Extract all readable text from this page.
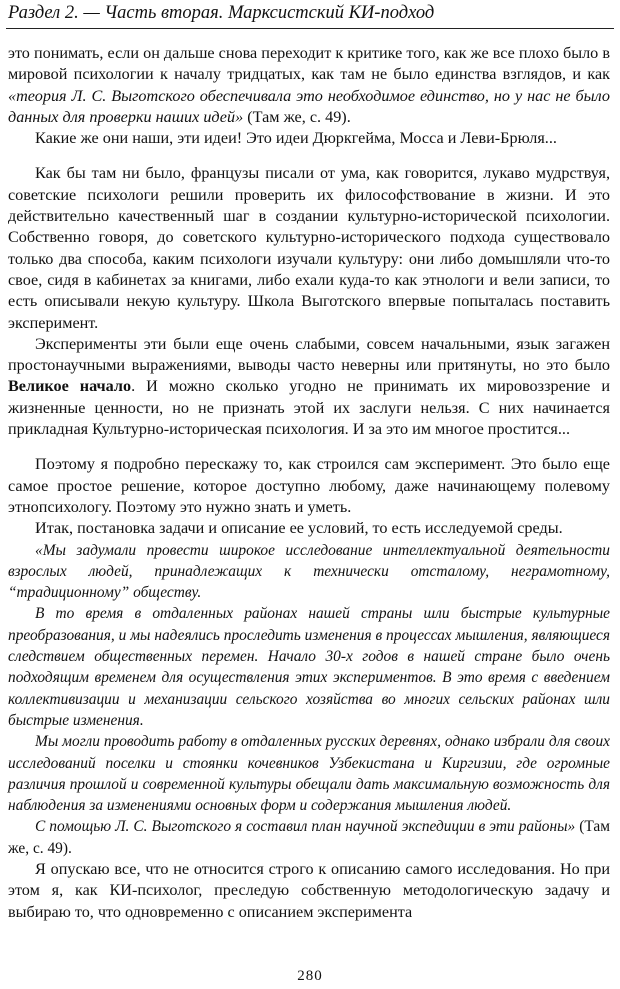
Раздел 2. — Часть вторая. Марксистский КИ-подход

это понимать, если он дальше снова переходит к критике того, как же все плохо было в мировой психологии к началу тридцатых, как там не было единства взглядов, и как «теория Л. С. Выготского обеспечивала это необходимое единство, но у нас не было данных для проверки наших идей» (Там же, с. 49).

Какие же они наши, эти идеи! Это идеи Дюркгейма, Мосса и Леви-Брюля...

Как бы там ни было, французы писали от ума, как говорится, лукаво мудрствуя, советские психологи решили проверить их философствование в жизни. И это действительно качественный шаг в создании культурно-исторической психологии. Собственно говоря, до советского культурно-исторического подхода существовало только два способа, каким психологи изучали культуру: они либо домышляли что-то свое, сидя в кабинетах за книгами, либо ехали куда-то как этнологи и вели записи, то есть описывали некую культуру. Школа Выготского впервые попыталась поставить эксперимент.

Эксперименты эти были еще очень слабыми, совсем начальными, язык загажен простонаучными выражениями, выводы часто неверны или притянуты, но это было Великое начало. И можно сколько угодно не принимать их мировоззрение и жизненные ценности, но не признать этой их заслуги нельзя. С них начинается прикладная Культурно-историческая психология. И за это им многое простится...

Поэтому я подробно перескажу то, как строился сам эксперимент. Это было еще самое простое решение, которое доступно любому, даже начинающему полевому этнопсихологу. Поэтому это нужно знать и уметь.

Итак, постановка задачи и описание ее условий, то есть исследуемой среды.

«Мы задумали провести широкое исследование интеллектуальной деятельности взрослых людей, принадлежащих к технически отсталому, неграмотному, “традиционному” обществу.

В то время в отдаленных районах нашей страны шли быстрые культурные преобразования, и мы надеялись проследить изменения в процессах мышления, являющиеся следствием общественных перемен. Начало 30-х годов в нашей стране было очень подходящим временем для осуществления этих экспериментов. В это время с введением коллективизации и механизации сельского хозяйства во многих сельских районах шли быстрые изменения.

Мы могли проводить работу в отдаленных русских деревнях, однако избрали для своих исследований поселки и стоянки кочевников Узбекистана и Киргизии, где огромные различия прошлой и современной культуры обещали дать максимальную возможность для наблюдения за изменениями основных форм и содержания мышления людей.

С помощью Л. С. Выготского я составил план научной экспедиции в эти районы» (Там же, с. 49).

Я опускаю все, что не относится строго к описанию самого исследования. Но при этом я, как КИ-психолог, преследую собственную методологическую задачу и выбираю то, что одновременно с описанием эксперимента

280
